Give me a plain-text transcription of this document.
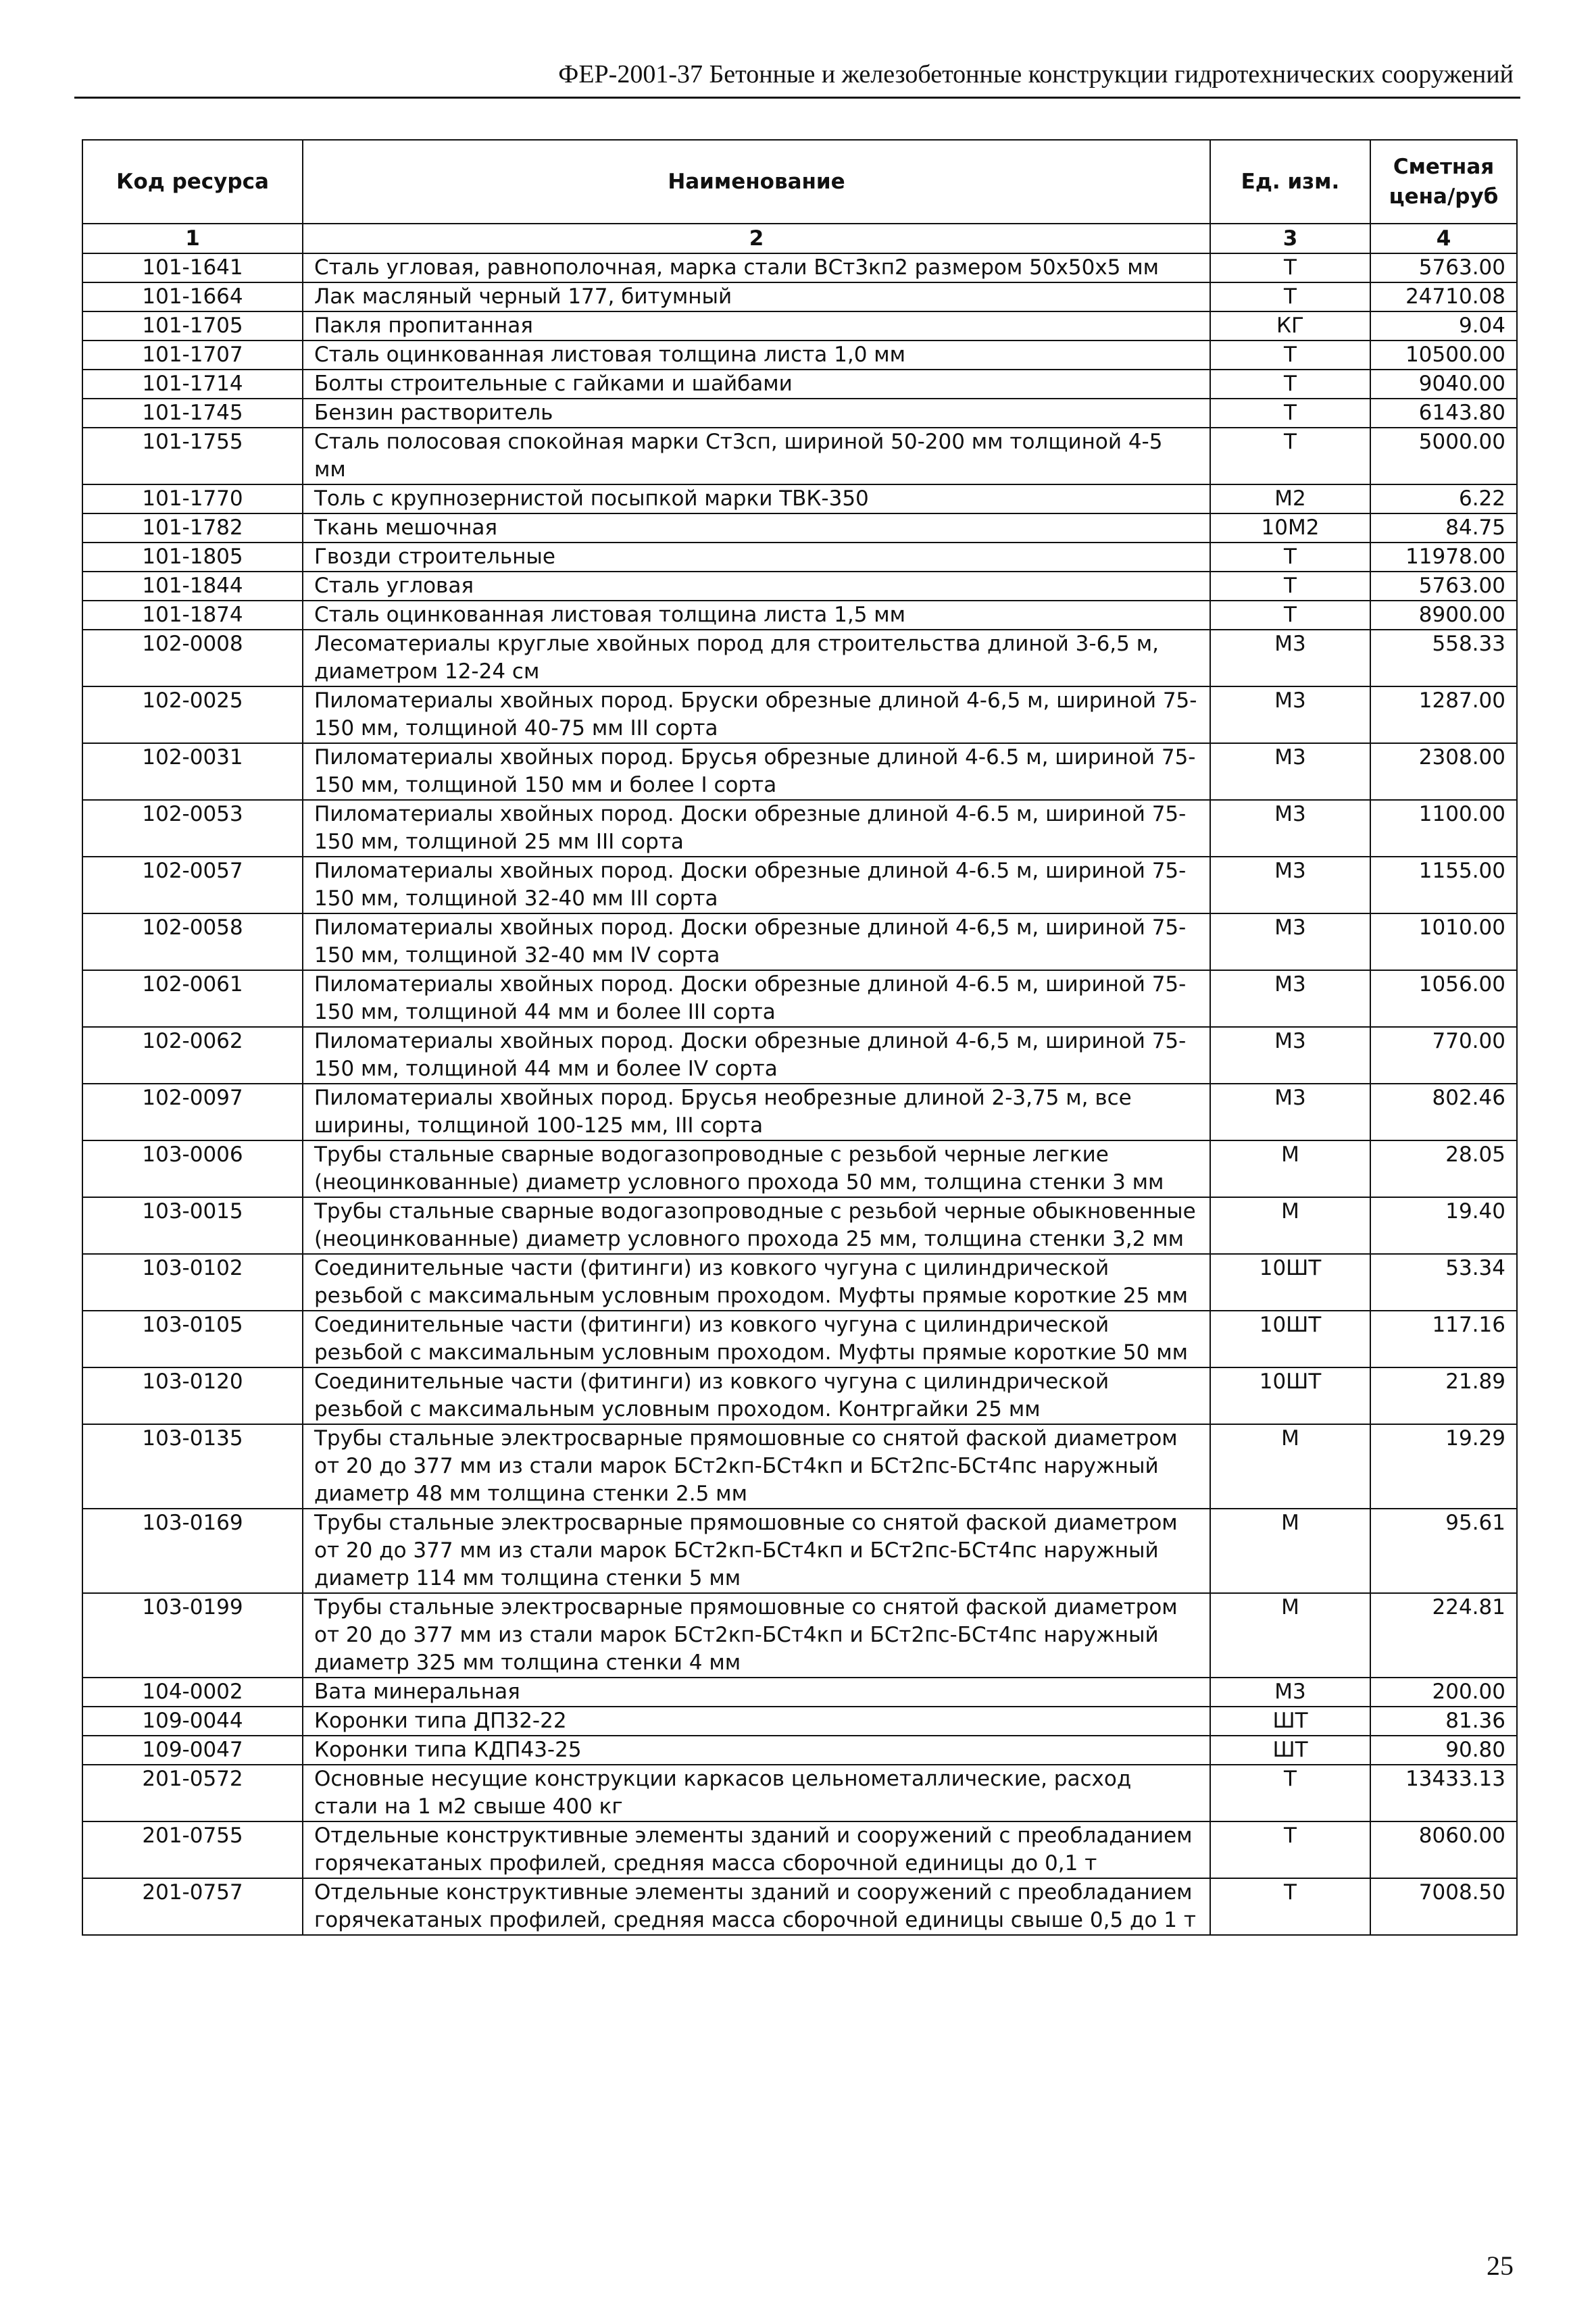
ФЕР-2001-37 Бетонные и железобетонные конструкции гидротехнических сооружений
Код ресурса	Наименование	Ед. изм.	Сметная цена/руб
1	2	3	4
101-1641	Сталь угловая, равнополочная, марка стали ВСт3кп2 размером 50x50x5 мм	Т	5763.00
101-1664	Лак масляный черный 177, битумный	Т	24710.08
101-1705	Пакля пропитанная	КГ	9.04
101-1707	Сталь оцинкованная листовая толщина листа 1,0 мм	Т	10500.00
101-1714	Болты строительные с гайками и шайбами	Т	9040.00
101-1745	Бензин растворитель	Т	6143.80
101-1755	Сталь полосовая спокойная марки Ст3сп, шириной 50-200 мм толщиной 4-5 мм	Т	5000.00
101-1770	Толь с крупнозернистой посыпкой марки ТВК-350	М2	6.22
101-1782	Ткань мешочная	10М2	84.75
101-1805	Гвозди строительные	Т	11978.00
101-1844	Сталь угловая	Т	5763.00
101-1874	Сталь оцинкованная листовая толщина листа 1,5 мм	Т	8900.00
102-0008	Лесоматериалы круглые хвойных пород для строительства длиной 3-6,5 м, диаметром 12-24 см	М3	558.33
102-0025	Пиломатериалы хвойных пород. Бруски обрезные длиной 4-6,5 м, шириной 75-150 мм, толщиной 40-75 мм III сорта	М3	1287.00
102-0031	Пиломатериалы хвойных пород. Брусья обрезные длиной 4-6.5 м, шириной 75-150 мм, толщиной 150 мм и более I сорта	М3	2308.00
102-0053	Пиломатериалы хвойных пород. Доски обрезные длиной 4-6.5 м, шириной 75-150 мм, толщиной 25 мм III сорта	М3	1100.00
102-0057	Пиломатериалы хвойных пород. Доски обрезные длиной 4-6.5 м, шириной 75-150 мм, толщиной 32-40 мм III сорта	М3	1155.00
102-0058	Пиломатериалы хвойных пород. Доски обрезные длиной 4-6,5 м, шириной 75-150 мм, толщиной 32-40 мм IV сорта	М3	1010.00
102-0061	Пиломатериалы хвойных пород. Доски обрезные длиной 4-6.5 м, шириной 75-150 мм, толщиной 44 мм и более III сорта	М3	1056.00
102-0062	Пиломатериалы хвойных пород. Доски обрезные длиной 4-6,5 м, шириной 75-150 мм, толщиной 44 мм и более IV сорта	М3	770.00
102-0097	Пиломатериалы хвойных пород. Брусья необрезные длиной 2-3,75 м, все ширины, толщиной 100-125 мм, III сорта	М3	802.46
103-0006	Трубы стальные сварные водогазопроводные с резьбой черные легкие (неоцинкованные) диаметр условного прохода 50 мм, толщина стенки 3 мм	М	28.05
103-0015	Трубы стальные сварные водогазопроводные с резьбой черные обыкновенные (неоцинкованные) диаметр условного прохода 25 мм, толщина стенки 3,2 мм	М	19.40
103-0102	Соединительные части (фитинги) из ковкого чугуна с цилиндрической резьбой с максимальным условным проходом. Муфты прямые короткие 25 мм	10ШТ	53.34
103-0105	Соединительные части (фитинги) из ковкого чугуна с цилиндрической резьбой с максимальным условным проходом. Муфты прямые короткие 50 мм	10ШТ	117.16
103-0120	Соединительные части (фитинги) из ковкого чугуна с цилиндрической резьбой с максимальным условным проходом. Контргайки 25 мм	10ШТ	21.89
103-0135	Трубы стальные электросварные прямошовные со снятой фаской диаметром от 20 до 377 мм из стали марок БСт2кп-БСт4кп и БСт2пс-БСт4пс наружный диаметр 48 мм толщина стенки 2.5 мм	М	19.29
103-0169	Трубы стальные электросварные прямошовные со снятой фаской диаметром от 20 до 377 мм из стали марок БСт2кп-БСт4кп и БСт2пс-БСт4пс наружный диаметр 114 мм толщина стенки 5 мм	М	95.61
103-0199	Трубы стальные электросварные прямошовные со снятой фаской диаметром от 20 до 377 мм из стали марок БСт2кп-БСт4кп и БСт2пс-БСт4пс наружный диаметр 325 мм толщина стенки 4 мм	М	224.81
104-0002	Вата минеральная	М3	200.00
109-0044	Коронки типа ДП32-22	ШТ	81.36
109-0047	Коронки типа КДП43-25	ШТ	90.80
201-0572	Основные несущие конструкции каркасов цельнометаллические, расход стали на 1 м2 свыше 400 кг	Т	13433.13
201-0755	Отдельные конструктивные элементы зданий и сооружений с преобладанием горячекатаных профилей, средняя масса сборочной единицы до 0,1 т	Т	8060.00
201-0757	Отдельные конструктивные элементы зданий и сооружений с преобладанием горячекатаных профилей, средняя масса сборочной единицы свыше 0,5 до 1 т	Т	7008.50
25
